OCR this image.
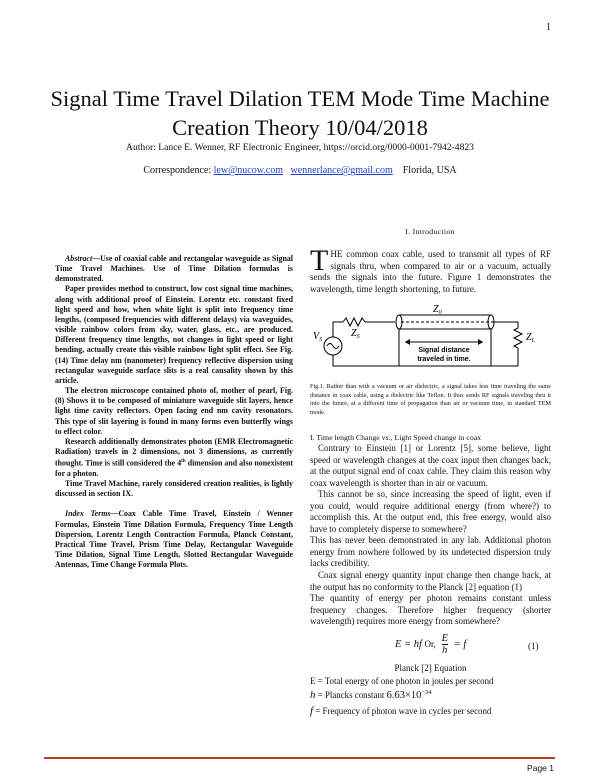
1
Signal Time Travel Dilation TEM Mode Time Machine Creation Theory 10/04/2018
Author: Lance E. Wenner, RF Electronic Engineer, https://orcid.org/0000-0001-7942-4823
Correspondence: lew@nucow.com wennerlance@gmail.com Florida, USA

Abstract—Use of coaxial cable and rectangular waveguide as Signal Time Travel Machines. Use of Time Dilation formulas is demonstrated.

Paper provides method to construct, low cost signal time machines, along with additional proof of Einstein. Lorentz etc. constant fixed light speed and how, when white light is split into frequency time lengths, (composed frequencies with different delays) via waveguides, visible rainbow colors from sky, water, glass, etc., are produced. Different frequency time lengths, not changes in light speed or light bending, actually create this visible rainbow light split effect. See Fig. (14) Time delay nm (nanometer) frequency reflective dispersion using rectangular waveguide surface slits is a real causality shown by this article.

The electron microscope contained photo of, mother of pearl, Fig. (8) Shows it to be composed of miniature waveguide slit layers, hence light time cavity reflectors. Open facing end nm cavity resonators. This type of slit layering is found in many forms even butterfly wings to effect color.

Research additionally demonstrates photon (EMR Electromagnetic Radiation) travels in 2 dimensions, not 3 dimensions, as currently thought. Time is still considered the 4th dimension and also nonexistent for a photon.

Time Travel Machine, rarely considered creation realities, is lightly discussed in section IX.

Index Terms—Coax Cable Time Travel, Einstein / Wenner Formulas, Einstein Time Dilation Formula, Frequency Time Length Dispersion, Lorentz Length Contraction Formula, Planck Constant, Practical Time Travel, Prism Time Delay, Rectangular Waveguide Time Dilation, Signal Time Length, Slotted Rectangular Waveguide Antennas, Time Change Formula Plots.

I. Introduction
THE common coax cable, used to transmit all types of RF signals thru, when compared to air or a vacuum, actually sends the signals into the future. Figure 1 demonstrates the wavelength, time length shortening, to future.
$V_S$
$Z_S$
$Z_0$
$Z_L$
Signal distance
traveled in time.
Fig.1. Rather than with a vacuum or air dielectric, a signal takes less time traveling the same distance in coax cable, using a dielectric like Teflon. It thus sends RF signals traveling thru it into the future, at a different time of propagation than air or vacuum time, in standard TEM mode.
I. Time length Change vs., Light Speed change in coax

Contrary to Einstein [1] or Lorentz [5], some believe, light speed or wavelength changes at the coax input then changes back, at the output signal end of coax cable. They claim this reason why coax wavelength is shorter than in air or vacuum.

This cannot be so, since increasing the speed of light, even if you could, would require additional energy (from where?) to accomplish this. At the output end, this free energy, would also have to completely disperse to somewhere?

This has never been demonstrated in any lab. Additional photon energy from nowhere followed by its undetected dispersion truly lacks credibility.

Coax signal energy quantity input change then change back, at the output has no conformity to the Planck [2] equation (1)

The quantity of energy per photon remains constant unless frequency changes. Therefore higher frequency (shorter wavelength) requires more energy from somewhere?

E = hf Or, $\frac{E}{h} = f$	(1)
Planck [2] Equation
E = Total energy of one photon in joules per second
h = Plancks constant $6.63\times 10^{-34}$
f = Frequency of photon wave in cycles per second
Page 1
